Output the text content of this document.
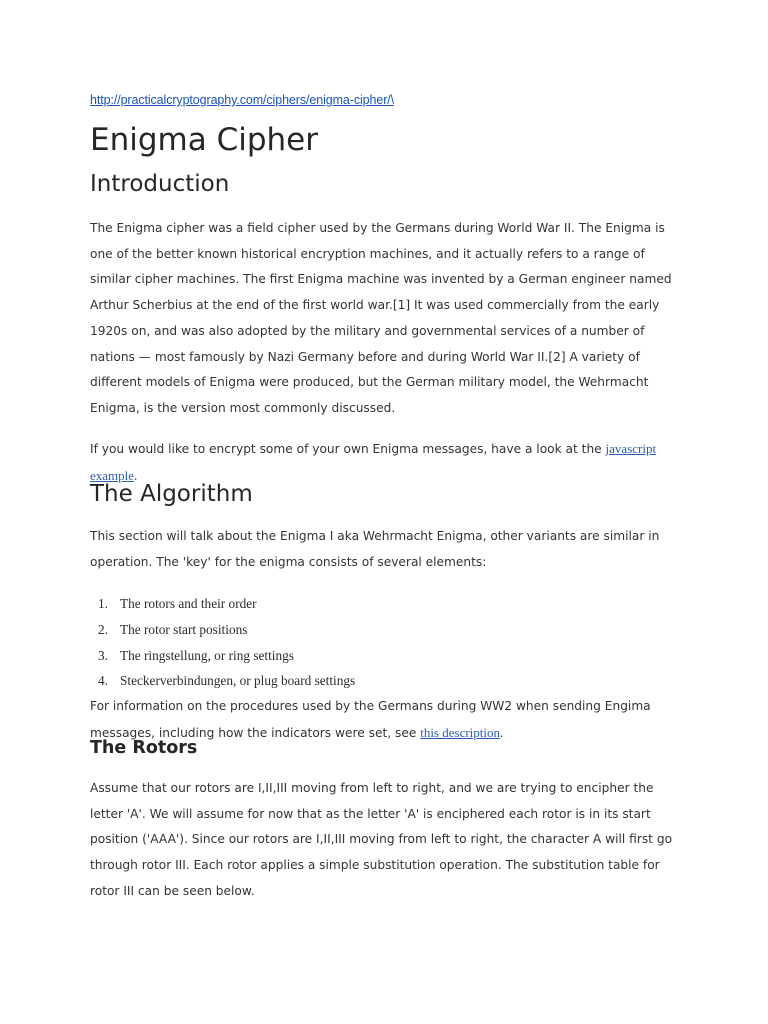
http://practicalcryptography.com/ciphers/enigma-cipher/\
Enigma Cipher
Introduction

The Enigma cipher was a field cipher used by the Germans during World War II. The Enigma is
one of the better known historical encryption machines, and it actually refers to a range of
similar cipher machines. The first Enigma machine was invented by a German engineer named
Arthur Scherbius at the end of the first world war.[1] It was used commercially from the early
1920s on, and was also adopted by the military and governmental services of a number of
nations — most famously by Nazi Germany before and during World War II.[2] A variety of
different models of Enigma were produced, but the German military model, the Wehrmacht
Enigma, is the version most commonly discussed.

If you would like to encrypt some of your own Enigma messages, have a look at the javascript
example.

The Algorithm

This section will talk about the Enigma I aka Wehrmacht Enigma, other variants are similar in
operation. The 'key' for the enigma consists of several elements:

1. The rotors and their order
2. The rotor start positions
3. The ringstellung, or ring settings
4. Steckerverbindungen, or plug board settings

For information on the procedures used by the Germans during WW2 when sending Engima
messages, including how the indicators were set, see this description.

The Rotors

Assume that our rotors are I,II,III moving from left to right, and we are trying to encipher the
letter 'A'. We will assume for now that as the letter 'A' is enciphered each rotor is in its start
position ('AAA'). Since our rotors are I,II,III moving from left to right, the character A will first go
through rotor III. Each rotor applies a simple substitution operation. The substitution table for
rotor III can be seen below.
